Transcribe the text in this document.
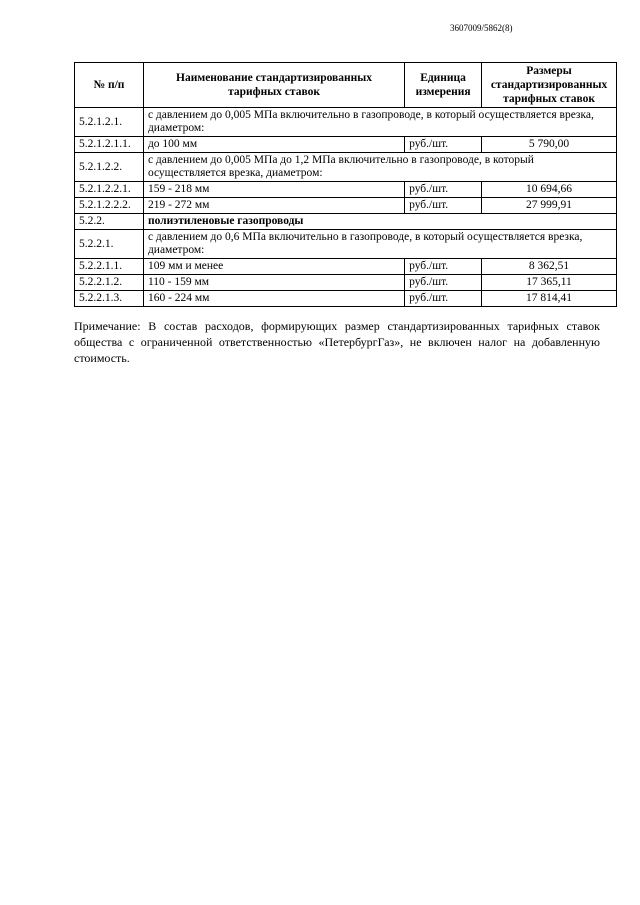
3607009/5862(8)
№ п/п	Наименование стандартизированных тарифных ставок	Единица измерения	Размеры стандартизированных тарифных ставок
5.2.1.2.1.	с давлением до 0,005 МПа включительно в газопроводе, в который осуществляется врезка, диаметром:		
5.2.1.2.1.1.	до 100 мм	руб./шт.	5 790,00
5.2.1.2.2.	с давлением до 0,005 МПа до 1,2 МПа включительно в газопроводе, в который осуществляется врезка, диаметром:		
5.2.1.2.2.1.	159 - 218 мм	руб./шт.	10 694,66
5.2.1.2.2.2.	219 - 272 мм	руб./шт.	27 999,91
5.2.2.	полиэтиленовые газопроводы		
5.2.2.1.	с давлением до 0,6 МПа включительно в газопроводе, в который осуществляется врезка, диаметром:		
5.2.2.1.1.	109 мм и менее	руб./шт.	8 362,51
5.2.2.1.2.	110 - 159 мм	руб./шт.	17 365,11
5.2.2.1.3.	160 - 224 мм	руб./шт.	17 814,41
Примечание: В состав расходов, формирующих размер стандартизированных тарифных ставок общества с ограниченной ответственностью «ПетербургГаз», не включен налог на добавленную стоимость.
